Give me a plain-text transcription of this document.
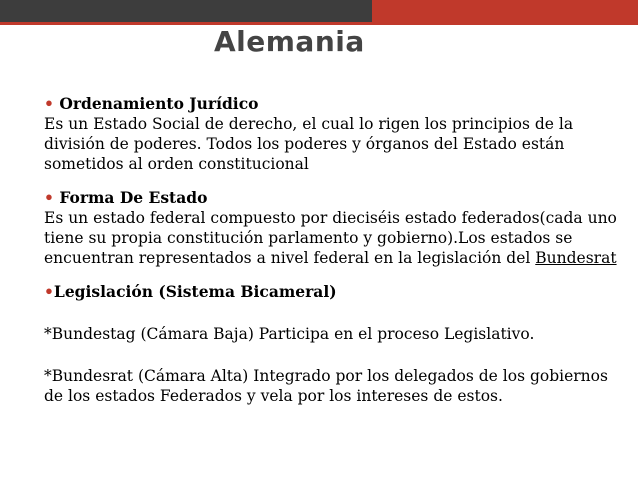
Alemania

• Ordenamiento Jurídico

Es un Estado Social de derecho, el cual lo rigen los principios de la división de poderes. Todos los poderes y órganos del Estado están sometidos al orden constitucional

• Forma De Estado

Es un estado federal compuesto por dieciséis estado federados(cada uno tiene su propia constitución parlamento y gobierno).Los estados se encuentran representados a nivel federal en la legislación del Bundesrat

•Legislación (Sistema Bicameral)

*Bundestag (Cámara Baja) Participa en el proceso Legislativo.

*Bundesrat (Cámara Alta) Integrado por los delegados de los gobiernos de los estados Federados y vela por los intereses de estos.
